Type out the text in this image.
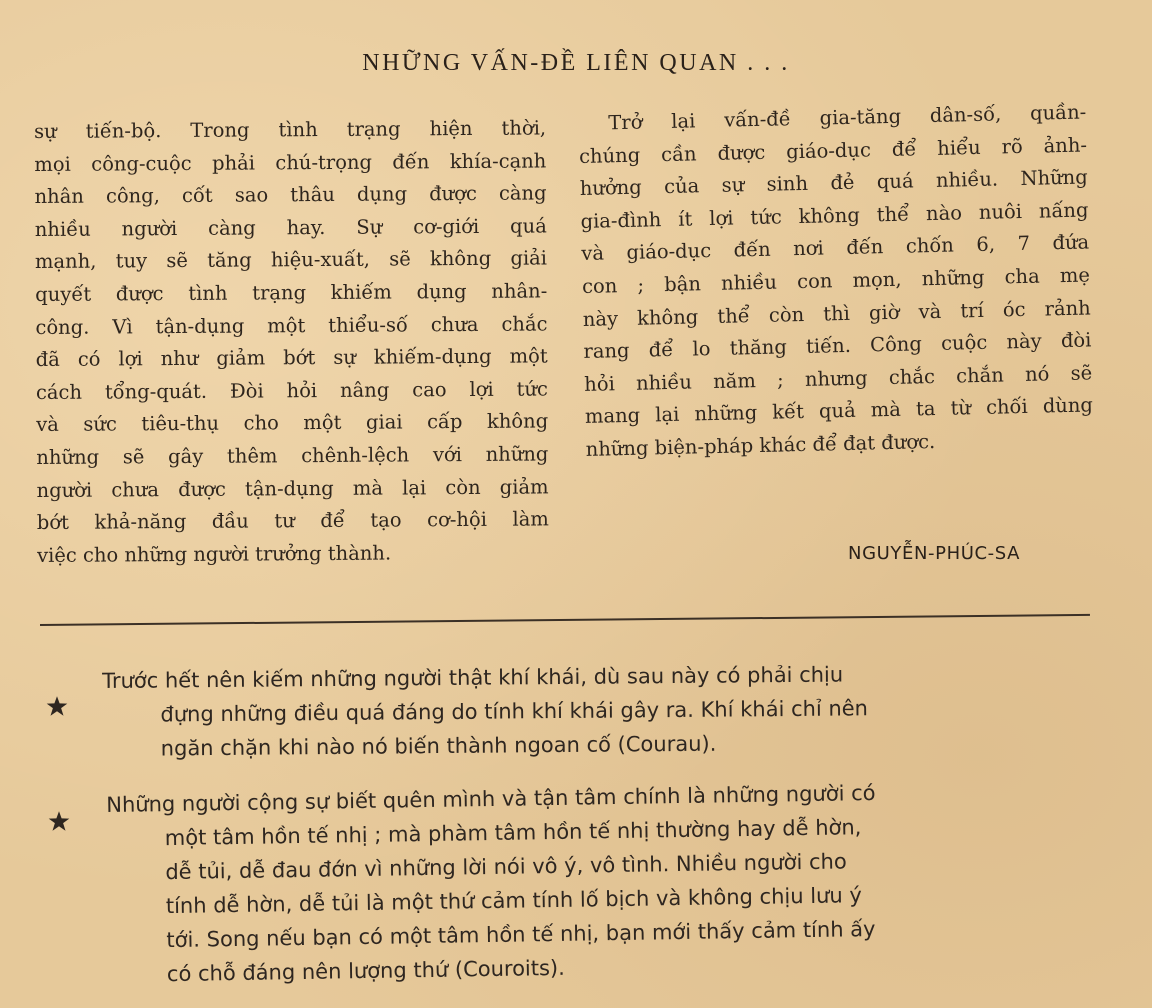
NHỮNG VẤN-ĐỀ LIÊN QUAN . . .
sự tiến-bộ. Trong tình trạng hiện thời,
mọi công-cuộc phải chú-trọng đến khía-cạnh
nhân công, cốt sao thâu dụng được càng
nhiều người càng hay. Sự cơ-giới quá
mạnh, tuy sẽ tăng hiệu-xuất, sẽ không giải
quyết được tình trạng khiếm dụng nhân-
công. Vì tận-dụng một thiểu-số chưa chắc
đã có lợi như giảm bớt sự khiếm-dụng một
cách tổng-quát. Đòi hỏi nâng cao lợi tức
và sức tiêu-thụ cho một giai cấp không
những sẽ gây thêm chênh-lệch với những
người chưa được tận-dụng mà lại còn giảm
bớt khả-năng đầu tư để tạo cơ-hội làm
việc cho những người trưởng thành.
Trở lại vấn-đề gia-tăng dân-số, quần-
chúng cần được giáo-dục để hiểu rõ ảnh-
hưởng của sự sinh đẻ quá nhiều. Những
gia-đình ít lợi tức không thể nào nuôi nấng
và giáo-dục đến nơi đến chốn 6, 7 đứa
con ; bận nhiều con mọn, những cha mẹ
này không thể còn thì giờ và trí óc rảnh
rang để lo thăng tiến. Công cuộc này đòi
hỏi nhiều năm ; nhưng chắc chắn nó sẽ
mang lại những kết quả mà ta từ chối dùng
những biện-pháp khác để đạt được.
NGUYỄN-PHÚC-SA
Trước hết nên kiếm những người thật khí khái, dù sau này có phải chịu
đựng những điều quá đáng do tính khí khái gây ra. Khí khái chỉ nên
ngăn chặn khi nào nó biến thành ngoan cố (Courau).
Những người cộng sự biết quên mình và tận tâm chính là những người có
một tâm hồn tế nhị ; mà phàm tâm hồn tế nhị thường hay dễ hờn,
dễ tủi, dễ đau đớn vì những lời nói vô ý, vô tình. Nhiều người cho
tính dễ hờn, dễ tủi là một thứ cảm tính lố bịch và không chịu lưu ý
tới. Song nếu bạn có một tâm hồn tế nhị, bạn mới thấy cảm tính ấy
có chỗ đáng nên lượng thứ (Couroits).
